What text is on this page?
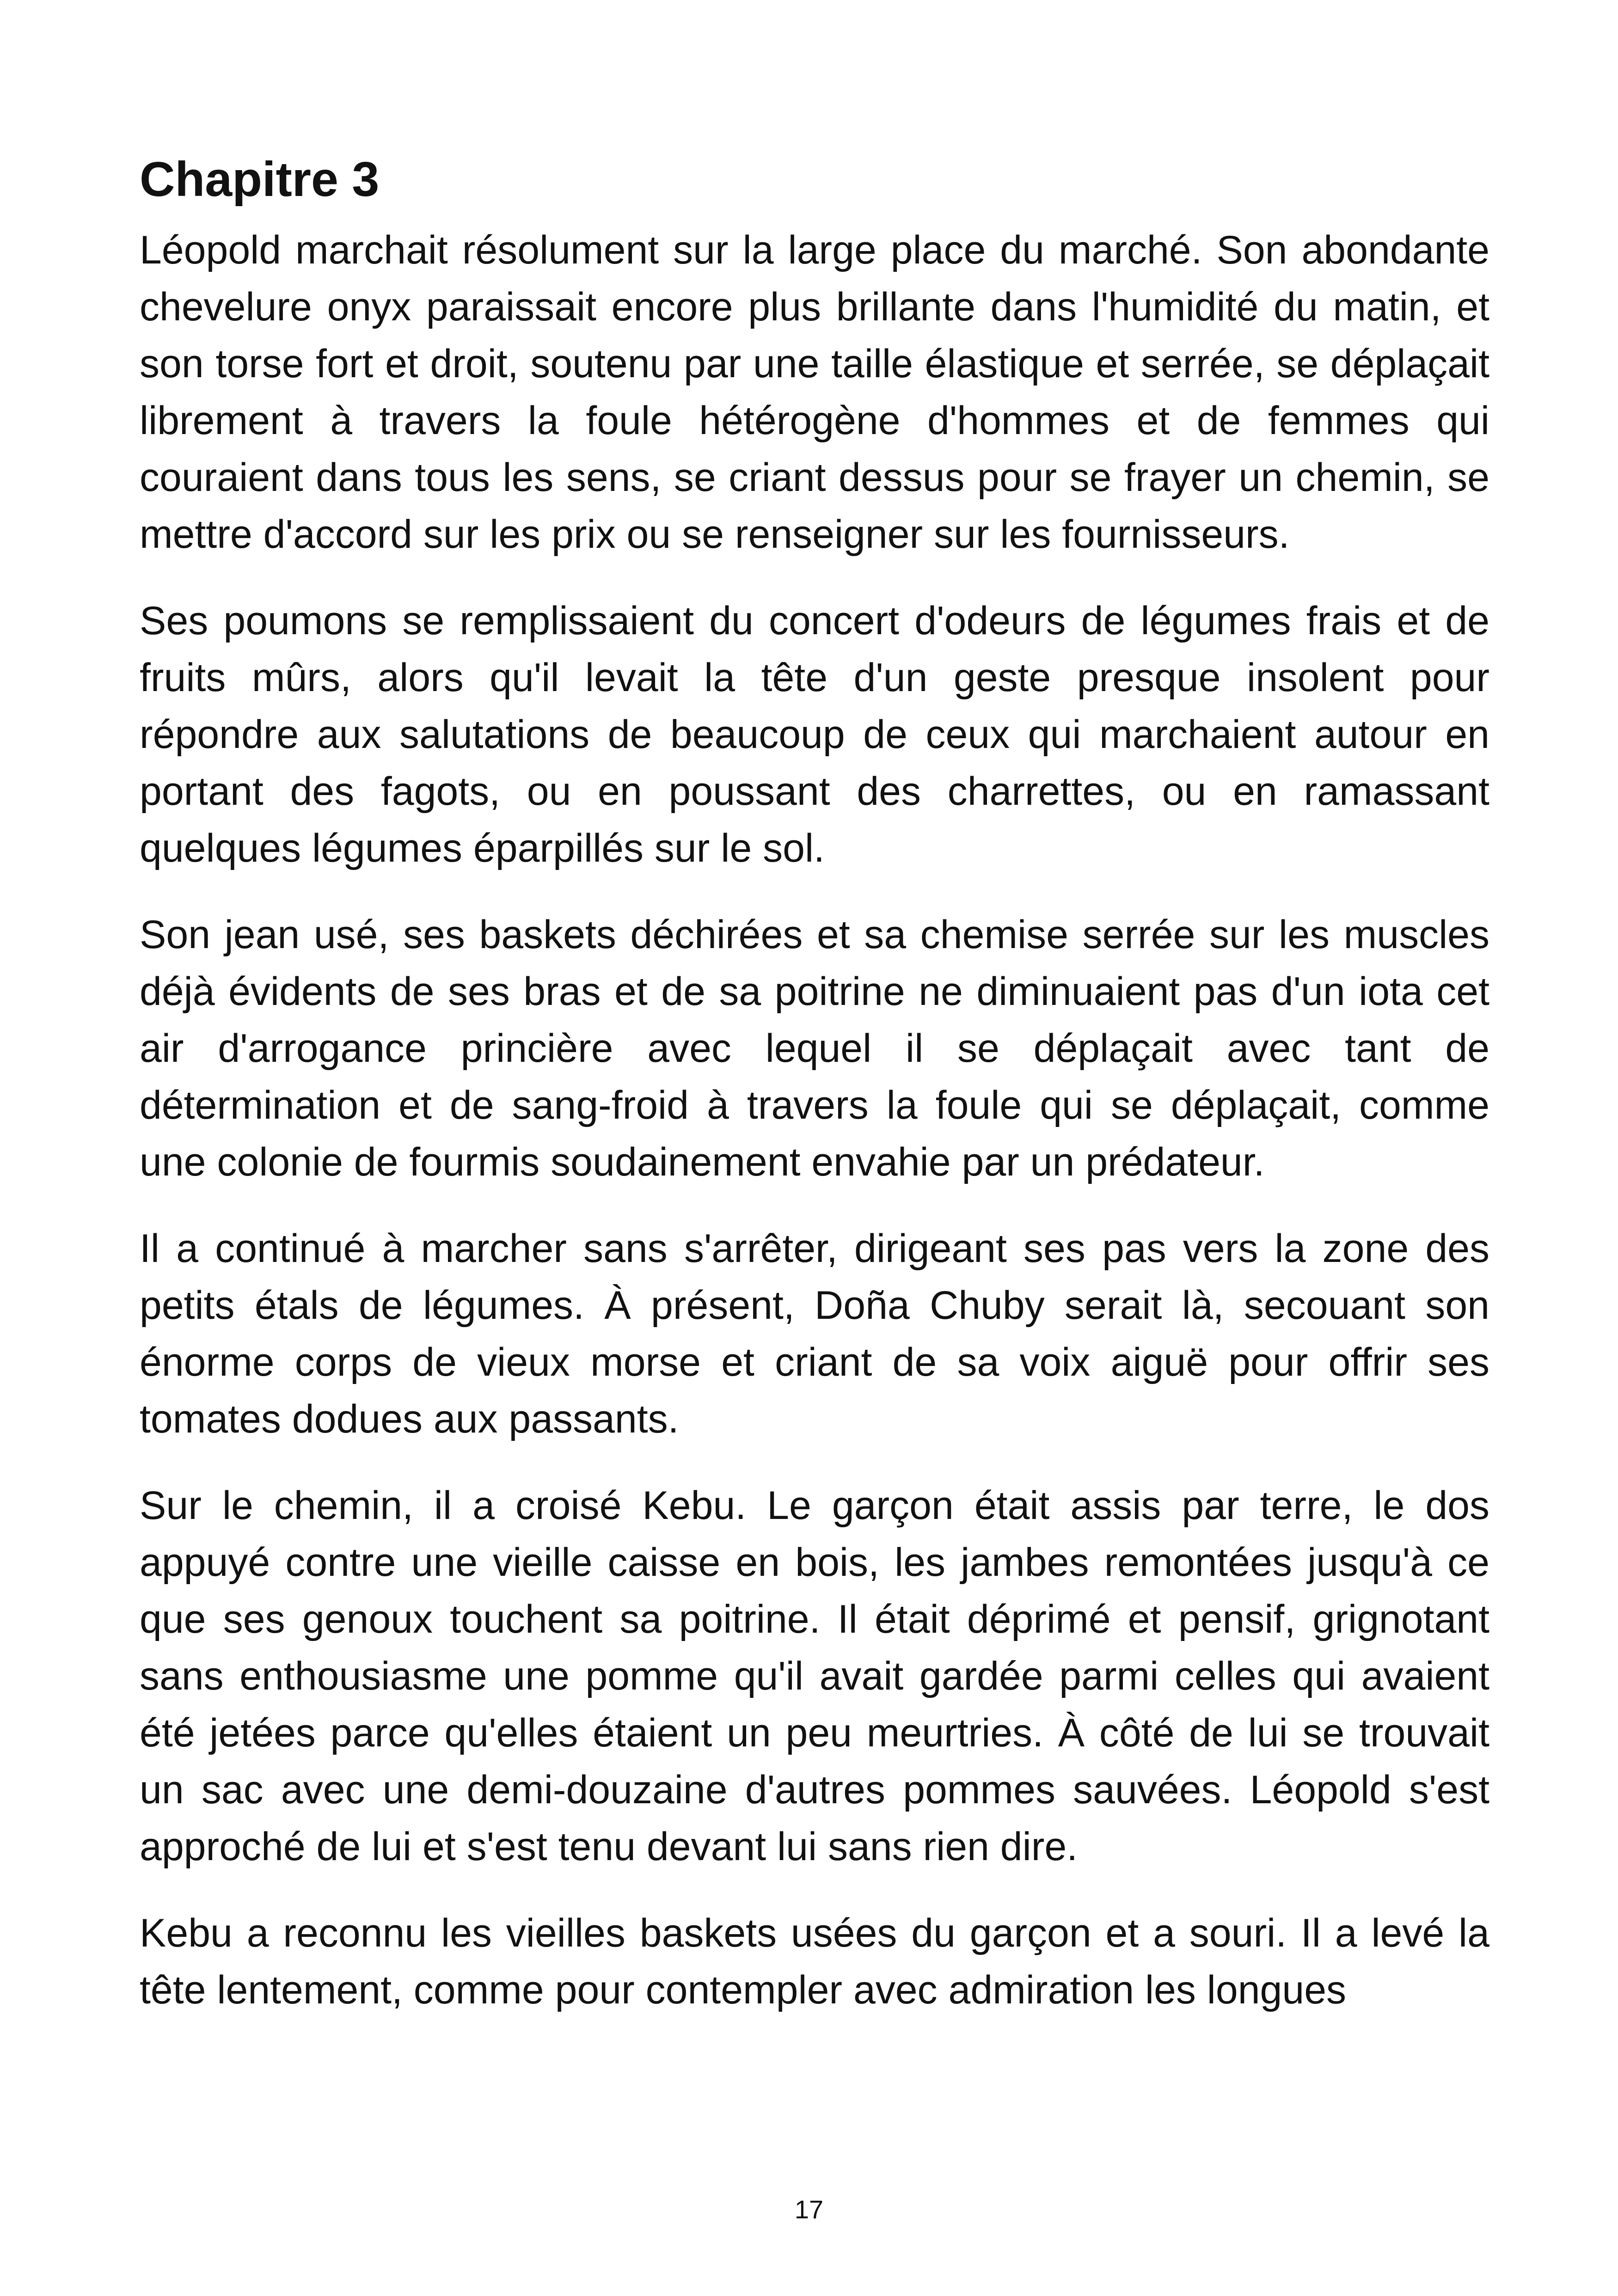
Chapitre 3

Léopold marchait résolument sur la large place du marché. Son abondante chevelure onyx paraissait encore plus brillante dans l'humidité du matin, et son torse fort et droit, soutenu par une taille élastique et serrée, se déplaçait librement à travers la foule hétérogène d'hommes et de femmes qui couraient dans tous les sens, se criant dessus pour se frayer un chemin, se mettre d'accord sur les prix ou se renseigner sur les fournisseurs.

Ses poumons se remplissaient du concert d'odeurs de légumes frais et de fruits mûrs, alors qu'il levait la tête d'un geste presque insolent pour répondre aux salutations de beaucoup de ceux qui marchaient autour en portant des fagots, ou en poussant des charrettes, ou en ramassant quelques légumes éparpillés sur le sol.

Son jean usé, ses baskets déchirées et sa chemise serrée sur les muscles déjà évidents de ses bras et de sa poitrine ne diminuaient pas d'un iota cet air d'arrogance princière avec lequel il se déplaçait avec tant de détermination et de sang-froid à travers la foule qui se déplaçait, comme une colonie de fourmis soudainement envahie par un prédateur.

Il a continué à marcher sans s'arrêter, dirigeant ses pas vers la zone des petits étals de légumes. À présent, Doña Chuby serait là, secouant son énorme corps de vieux morse et criant de sa voix aiguë pour offrir ses tomates dodues aux passants.

Sur le chemin, il a croisé Kebu. Le garçon était assis par terre, le dos appuyé contre une vieille caisse en bois, les jambes remontées jusqu'à ce que ses genoux touchent sa poitrine. Il était déprimé et pensif, grignotant sans enthousiasme une pomme qu'il avait gardée parmi celles qui avaient été jetées parce qu'elles étaient un peu meurtries. À côté de lui se trouvait un sac avec une demi-douzaine d'autres pommes sauvées. Léopold s'est approché de lui et s'est tenu devant lui sans rien dire.

Kebu a reconnu les vieilles baskets usées du garçon et a souri. Il a levé la tête lentement, comme pour contempler avec admiration les longues

17
